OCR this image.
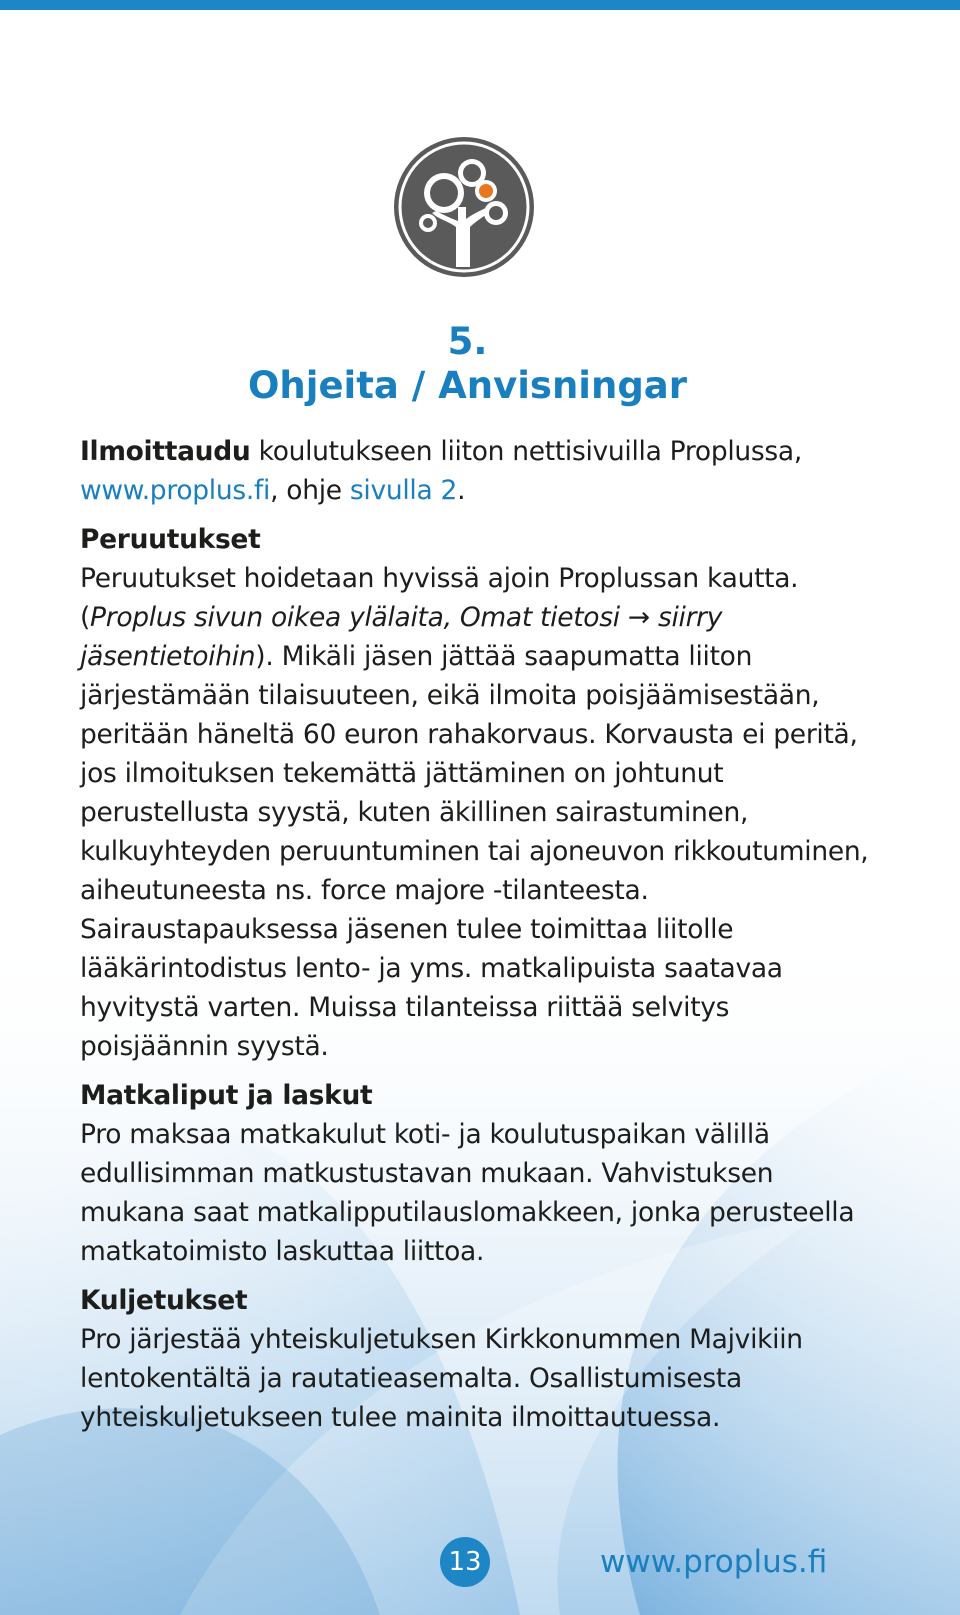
5.
Ohjeita / Anvisningar

Ilmoittaudu koulutukseen liiton nettisivuilla Proplussa, www.proplus.fi, ohje sivulla 2.

Peruutukset

Peruutukset hoidetaan hyvissä ajoin Proplussan kautta. (Proplus sivun oikea ylälaita, Omat tietosi → siirry jäsentietoihin). Mikäli jäsen jättää saapumatta liiton järjestämään tilaisuuteen, eikä ilmoita poisjäämisestään, peritään häneltä 60 euron rahakorvaus. Korvausta ei peritä, jos ilmoituksen tekemättä jättäminen on johtunut perustellusta syystä, kuten äkillinen sairastuminen, kulkuyhteyden peruuntuminen tai ajoneuvon rikkoutuminen, aiheutuneesta ns. force majore -tilanteesta. Sairaustapauksessa jäsenen tulee toimittaa liitolle lääkärintodistus lento- ja yms. matkalipuista saatavaa hyvitystä varten. Muissa tilanteissa riittää selvitys poisjäännin syystä.

Matkaliput ja laskut

Pro maksaa matkakulut koti- ja koulutuspaikan välillä edullisimman matkustustavan mukaan. Vahvistuksen mukana saat matkalipputilauslomakkeen, jonka perusteella matkatoimisto laskuttaa liittoa.

Kuljetukset

Pro järjestää yhteiskuljetuksen Kirkkonummen Majvikiin lentokentältä ja rautatieasemalta. Osallistumisesta yhteiskuljetukseen tulee mainita ilmoittautuessa.

13	www.proplus.fi
